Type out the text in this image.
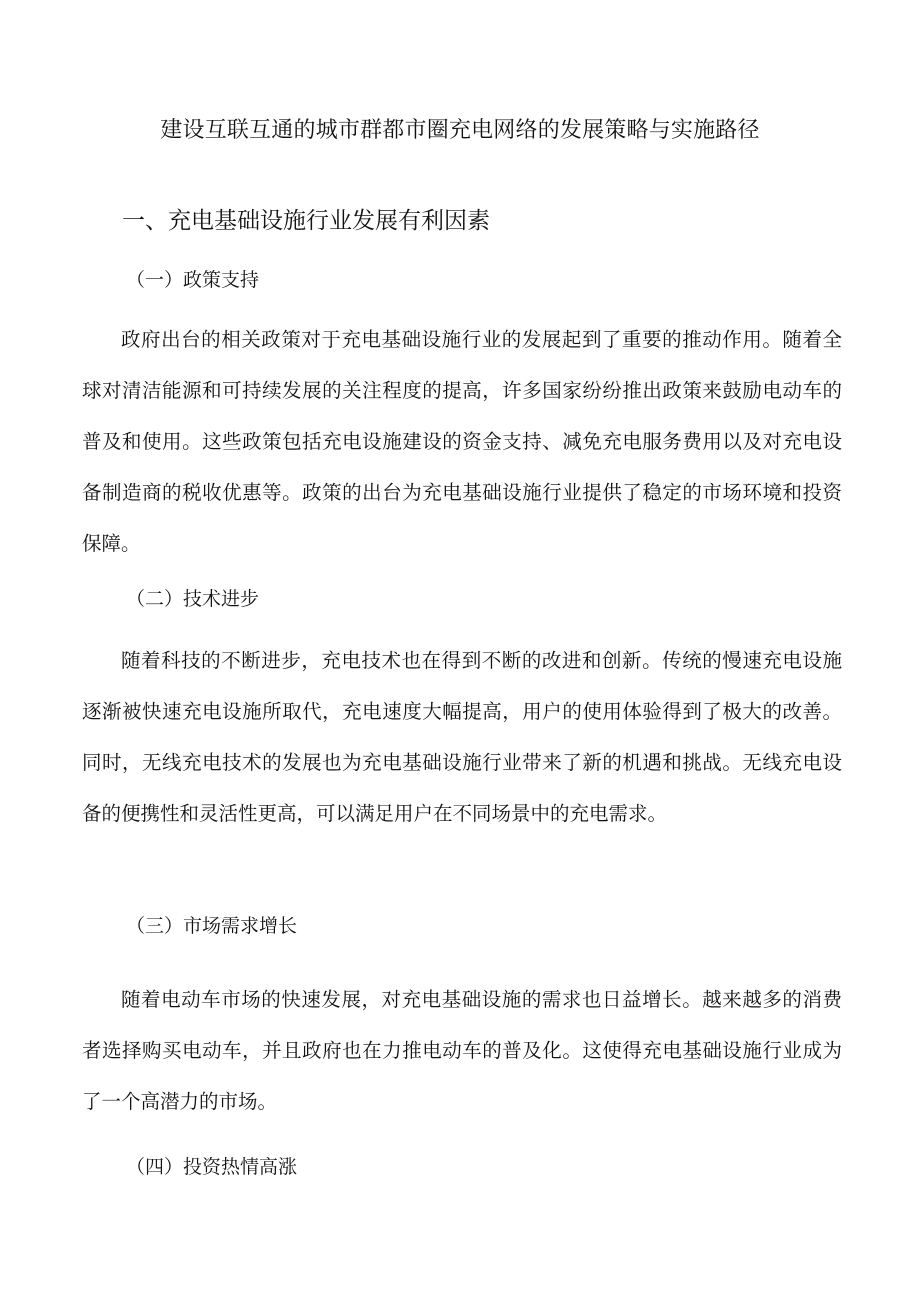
建设互联互通的城市群都市圈充电网络的发展策略与实施路径
一、充电基础设施行业发展有利因素
（一）政策支持

政府出台的相关政策对于充电基础设施行业的发展起到了重要的推动作用。随着全球对清洁能源和可持续发展的关注程度的提高，许多国家纷纷推出政策来鼓励电动车的普及和使用。这些政策包括充电设施建设的资金支持、减免充电服务费用以及对充电设备制造商的税收优惠等。政策的出台为充电基础设施行业提供了稳定的市场环境和投资保障。

（二）技术进步

随着科技的不断进步，充电技术也在得到不断的改进和创新。传统的慢速充电设施逐渐被快速充电设施所取代，充电速度大幅提高，用户的使用体验得到了极大的改善。同时，无线充电技术的发展也为充电基础设施行业带来了新的机遇和挑战。无线充电设备的便携性和灵活性更高，可以满足用户在不同场景中的充电需求。

（三）市场需求增长

随着电动车市场的快速发展，对充电基础设施的需求也日益增长。越来越多的消费者选择购买电动车，并且政府也在力推电动车的普及化。这使得充电基础设施行业成为了一个高潜力的市场。

（四）投资热情高涨
